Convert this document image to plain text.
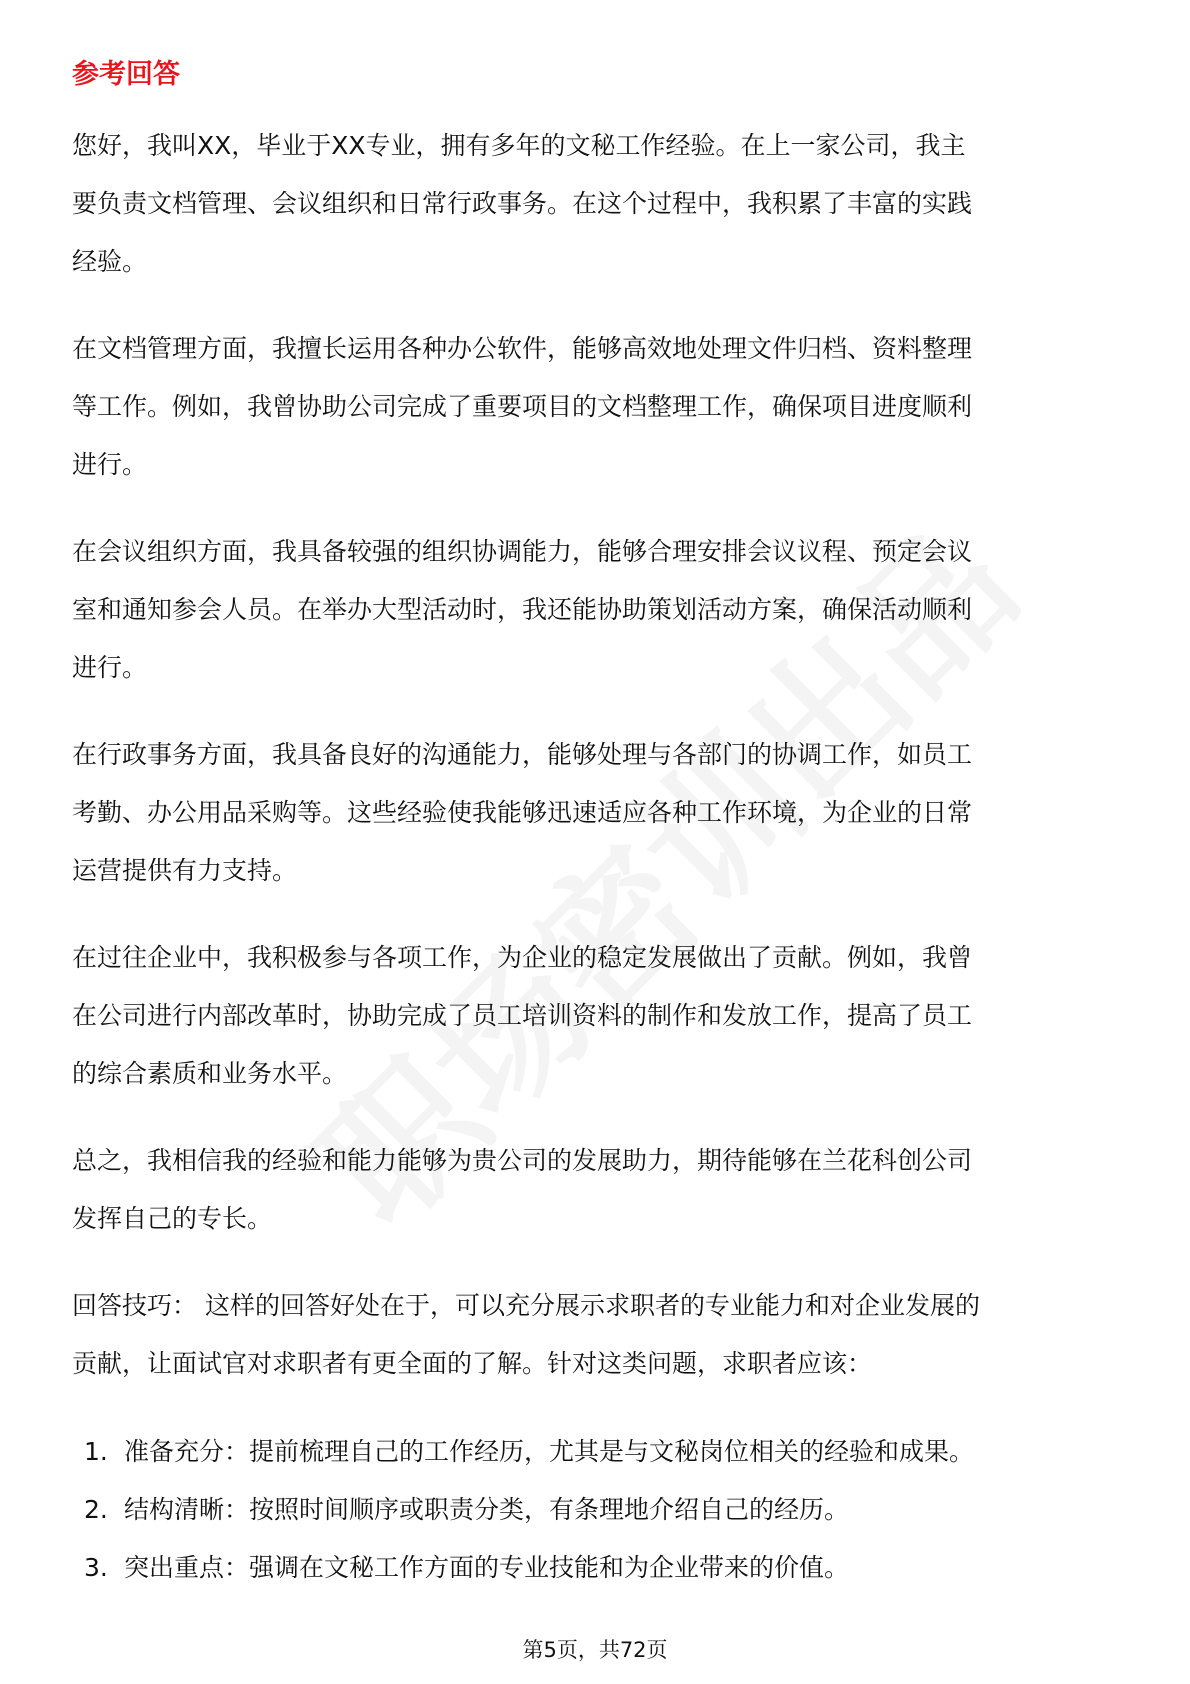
参考回答
您好，我叫XX，毕业于XX专业，拥有多年的文秘工作经验。在上一家公司，我主
要负责文档管理、会议组织和日常行政事务。在这个过程中，我积累了丰富的实践
经验。
在文档管理方面，我擅长运用各种办公软件，能够高效地处理文件归档、资料整理
等工作。例如，我曾协助公司完成了重要项目的文档整理工作，确保项目进度顺利
进行。
在会议组织方面，我具备较强的组织协调能力，能够合理安排会议议程、预定会议
室和通知参会人员。在举办大型活动时，我还能协助策划活动方案，确保活动顺利
进行。
在行政事务方面，我具备良好的沟通能力，能够处理与各部门的协调工作，如员工
考勤、办公用品采购等。这些经验使我能够迅速适应各种工作环境，为企业的日常
运营提供有力支持。
在过往企业中，我积极参与各项工作，为企业的稳定发展做出了贡献。例如，我曾
在公司进行内部改革时，协助完成了员工培训资料的制作和发放工作，提高了员工
的综合素质和业务水平。
总之，我相信我的经验和能力能够为贵公司的发展助力，期待能够在兰花科创公司
发挥自己的专长。
回答技巧： 这样的回答好处在于，可以充分展示求职者的专业能力和对企业发展的
贡献，让面试官对求职者有更全面的了解。针对这类问题，求职者应该：
1. 准备充分：提前梳理自己的工作经历，尤其是与文秘岗位相关的经验和成果。
2. 结构清晰：按照时间顺序或职责分类，有条理地介绍自己的经历。
3. 突出重点：强调在文秘工作方面的专业技能和为企业带来的价值。
第5页，共72页
